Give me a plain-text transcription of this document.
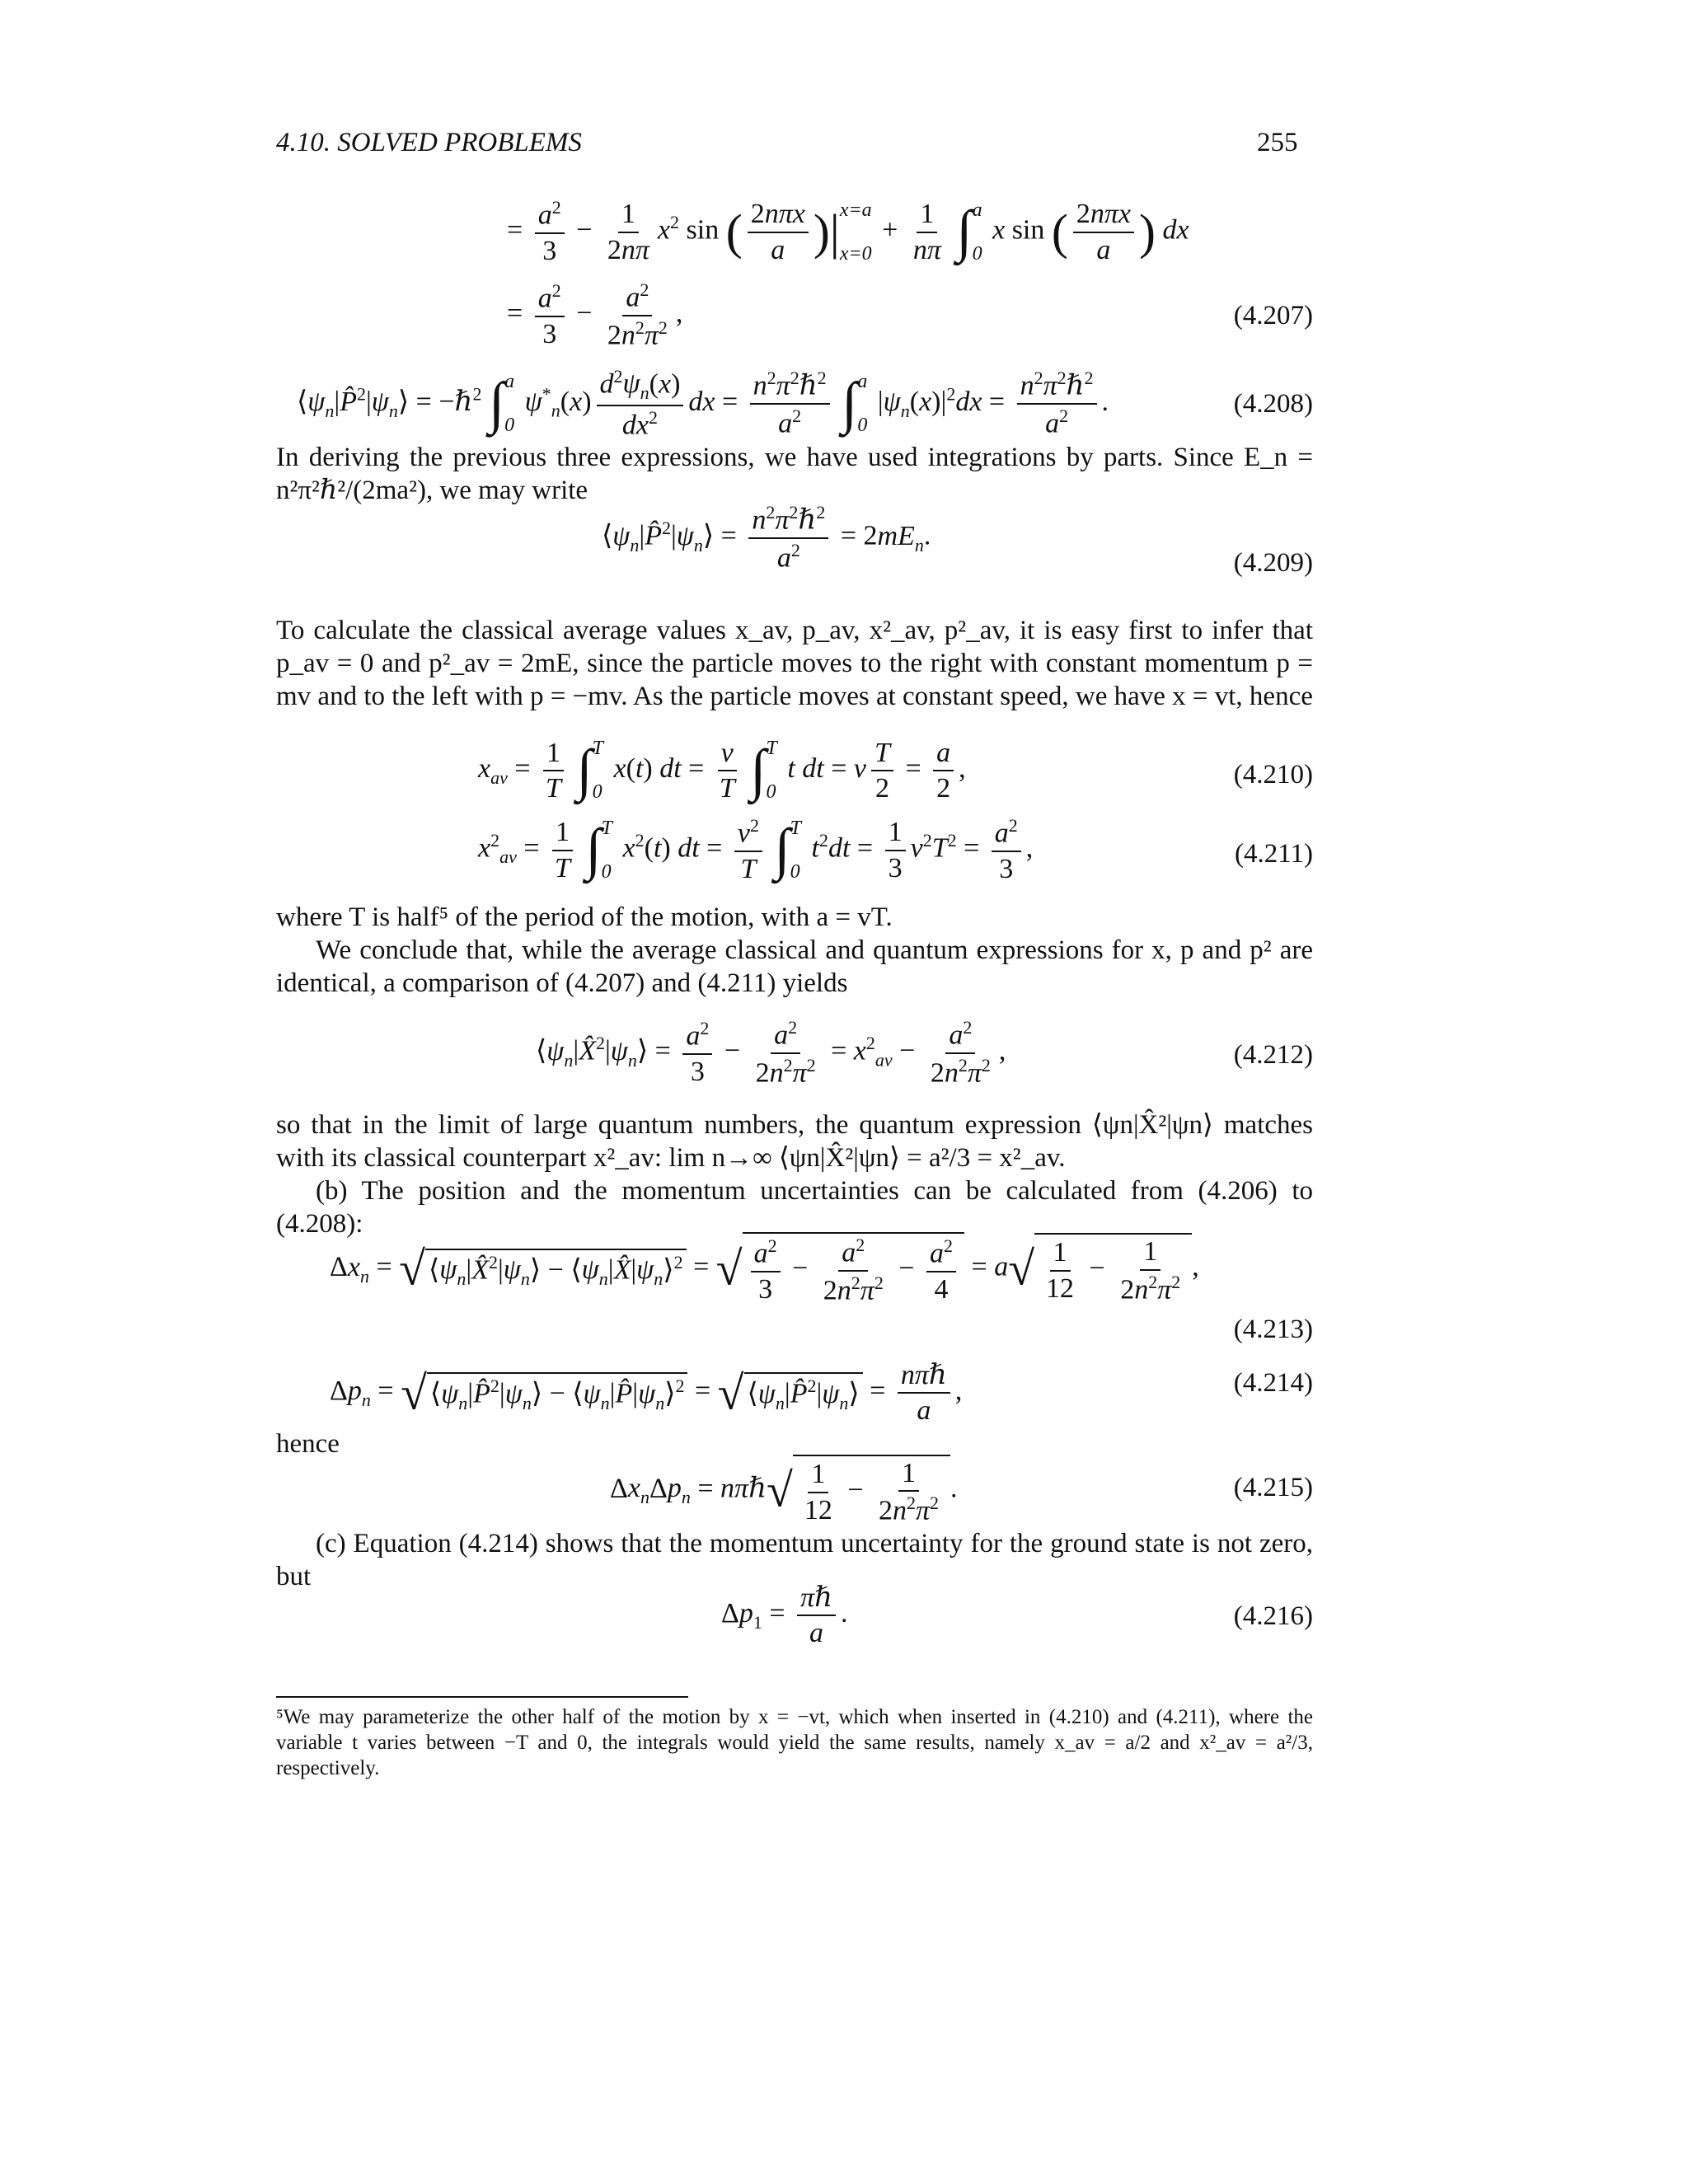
4.10. SOLVED PROBLEMS	255
= $\frac{a^2}{3} - \frac{1}{2n\pi} x^2$ sin ( $\frac{\text{2nπx}}{a}$ )| x=a
x=0
+ $\frac{1}{n\pi}$ ∫ a
0
x sin ( $\frac{\text{2nπx}}{a}$ ) dx
= $\frac{a^2}{3} - \frac{a^2}{2n^2\pi^2}$ ,	(4.207)
$⟨\psi_n|P̂^2|\psi_n⟩$ = −ℏ$^2$ ∫ a
0
$\psi^*_n(x) \frac{d^2\psi_n(x)}{dx^2}$ dx = $\frac{n^2\pi^2\hbar^2}{a^2}$ ∫ a
0
$|\psi_n(x)|^2dx = \frac{n^2\pi^2\hbar^2}{a^2}$ .	(4.208)
In deriving the previous three expressions, we have used integrations by parts. Since E_n = n²π²ℏ²/(2ma²), we may write
$⟨\psi_n|P̂^2|\psi_n⟩ = \frac{n^2\pi^2\hbar^2}{a^2} = 2mE_n$.
(4.209)
To calculate the classical average values x_av, p_av, x²_av, p²_av, it is easy first to infer that p_av = 0 and p²_av = 2mE, since the particle moves to the right with constant momentum p = mv and to the left with p = −mv. As the particle moves at constant speed, we have x = vt, hence
$x_{av} = \frac{1}{T}$ ∫ T
0
x(t) dt = $\frac{v}{T}$ ∫ T
0
t dt = v $\frac{T}{2} = \frac{a}{2}$ ,	(4.210)
$x^2_{av} = \frac{1}{T}$ ∫ T
0
$x^2(t)$ dt = $\frac{v^2}{T}$ ∫ T
0
$t^2dt = \frac{1}{3} v^2T^2 = \frac{a^2}{3}$ ,	(4.211)
where T is half⁵ of the period of the motion, with a = vT.
We conclude that, while the average classical and quantum expressions for x, p and p² are identical, a comparison of (4.207) and (4.211) yields
$⟨\psi_n|X̂^2|\psi_n⟩ = \frac{a^2}{3} - \frac{a^2}{2n^2\pi^2} = x^2_{av} - \frac{a^2}{2n^2\pi^2}$ ,	(4.212)
so that in the limit of large quantum numbers, the quantum expression ⟨ψn|X̂²|ψn⟩ matches with its classical counterpart x²_av: lim n→∞ ⟨ψn|X̂²|ψn⟩ = a²/3 = x²_av.
(b) The position and the momentum uncertainties can be calculated from (4.206) to (4.208):
$\Delta x_n$ = √ $⟨\psi_n|X̂^2|\psi_n⟩$ − $⟨\psi_n|X̂|\psi_n⟩^2$ = √ $\frac{a^2}{3} - \frac{a^2}{2n^2\pi^2} - \frac{a^2}{4} = a√ \frac{1}{12} - \frac{1}{2n^2\pi^2}$ ,
(4.213)
$\Delta p_n$ = √ $⟨\psi_n|P̂^2|\psi_n⟩$ − $⟨\psi_n|P̂|\psi_n⟩^2$ = √ $⟨\psi_n|P̂^2|\psi_n⟩ = \frac{\text{nπℏ}}{a}$ ,	(4.214)
hence
$\Delta x_n\Delta p_n$ = nπℏ√ $\frac{1}{12} - \frac{1}{2n^2\pi^2}$ .	(4.215)
(c) Equation (4.214) shows that the momentum uncertainty for the ground state is not zero, but
$\Delta p_1 = \frac{\text{πℏ}}{a}$ .	(4.216)
⁵We may parameterize the other half of the motion by x = −vt, which when inserted in (4.210) and (4.211), where the variable t varies between −T and 0, the integrals would yield the same results, namely x_av = a/2 and x²_av = a²/3, respectively.
